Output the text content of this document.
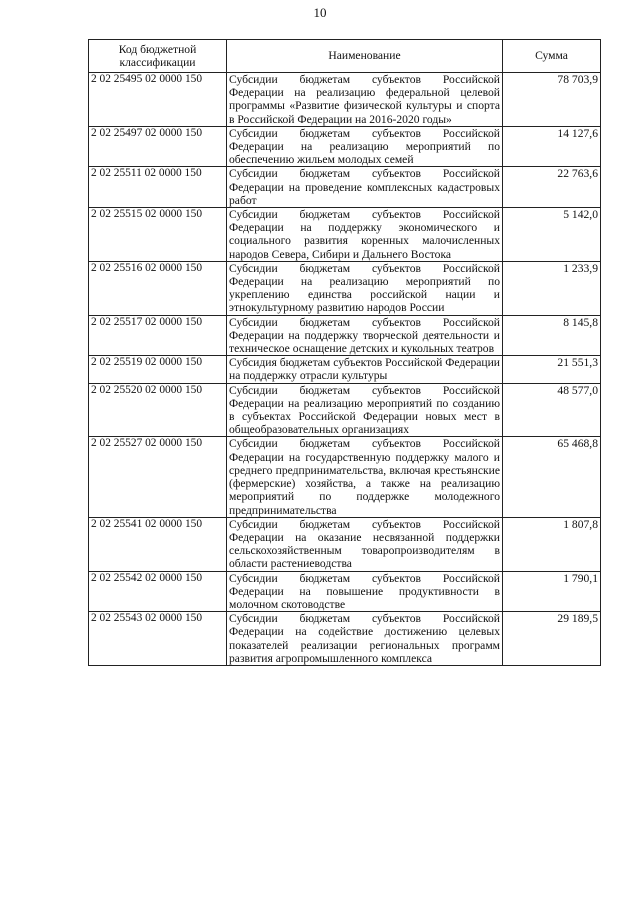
10
Код бюджетной классификации	Наименование	Сумма
2 02 25495 02 0000 150	Субсидии бюджетам субъектов Российской Федерации на реализацию федеральной целевой программы «Развитие физической культуры и спорта в Российской Федерации на 2016-2020 годы»	78 703,9
2 02 25497 02 0000 150	Субсидии бюджетам субъектов Российской Федерации на реализацию мероприятий по обеспечению жильем молодых семей	14 127,6
2 02 25511 02 0000 150	Субсидии бюджетам субъектов Российской Федерации на проведение комплексных кадастровых работ	22 763,6
2 02 25515 02 0000 150	Субсидии бюджетам субъектов Российской Федерации на поддержку экономического и социального развития коренных малочисленных народов Севера, Сибири и Дальнего Востока	5 142,0
2 02 25516 02 0000 150	Субсидии бюджетам субъектов Российской Федерации на реализацию мероприятий по укреплению единства российской нации и этнокультурному развитию народов России	1 233,9
2 02 25517 02 0000 150	Субсидии бюджетам субъектов Российской Федерации на поддержку творческой деятельности и техническое оснащение детских и кукольных театров	8 145,8
2 02 25519 02 0000 150	Субсидия бюджетам субъектов Российской Федерации на поддержку отрасли культуры	21 551,3
2 02 25520 02 0000 150	Субсидии бюджетам субъектов Российской Федерации на реализацию мероприятий по созданию в субъектах Российской Федерации новых мест в общеобразовательных организациях	48 577,0
2 02 25527 02 0000 150	Субсидии бюджетам субъектов Российской Федерации на государственную поддержку малого и среднего предпринимательства, включая крестьянские (фермерские) хозяйства, а также на реализацию мероприятий по поддержке молодежного предпринимательства	65 468,8
2 02 25541 02 0000 150	Субсидии бюджетам субъектов Российской Федерации на оказание несвязанной поддержки сельскохозяйственным товаропроизводителям в области растениеводства	1 807,8
2 02 25542 02 0000 150	Субсидии бюджетам субъектов Российской Федерации на повышение продуктивности в молочном скотоводстве	1 790,1
2 02 25543 02 0000 150	Субсидии бюджетам субъектов Российской Федерации на содействие достижению целевых показателей реализации региональных программ развития агропромышленного комплекса	29 189,5
